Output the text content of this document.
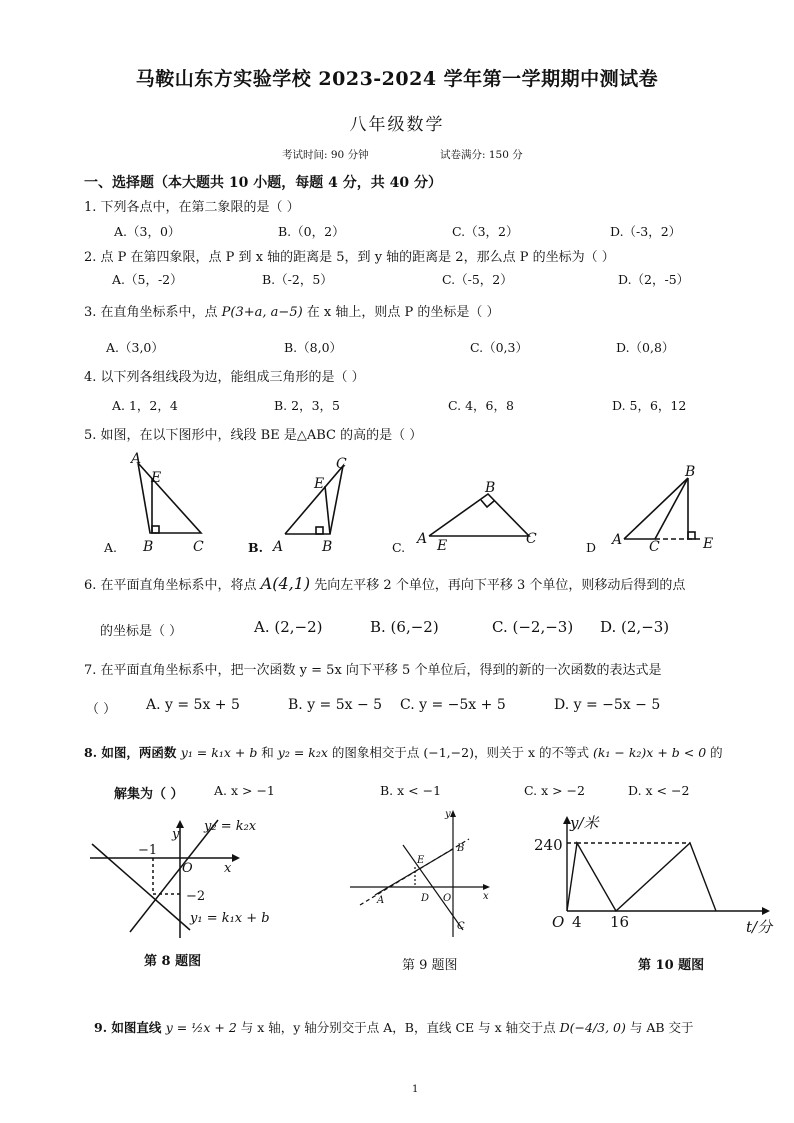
马鞍山东方实验学校 2023-2024 学年第一学期期中测试卷
八年级数学
考试时间: 90 分钟	试卷满分: 150 分
一、选择题（本大题共 10 小题，每题 4 分，共 40 分）
1. 下列各点中，在第二象限的是（ ）
A.（3，0）	B.（0，2）	C.（3，2）	D.（-3，2）
2. 点 P 在第四象限，点 P 到 x 轴的距离是 5，到 y 轴的距离是 2，那么点 P 的坐标为（ ）
A.（5，-2）	B.（-2，5）	C.（-5，2）	D.（2，-5）
3. 在直角坐标系中，点 P(3+a, a−5) 在 x 轴上，则点 P 的坐标是（ ）
A.（3,0）	B.（8,0）	C.（0,3）	D.（0,8）
4. 以下列各组线段为边，能组成三角形的是（ ）
A. 1，2，4	B. 2，3，5	C. 4，6，8	D. 5，6，12
5. 如图，在以下图形中，线段 BE 是△ABC 的高的是（ ）
A
E
B	C	A	B
E
C
A E
B
C	A C
B
E
A.	B.	C.	D
6. 在平面直角坐标系中，将点 A(4,1) 先向左平移 2 个单位，再向下平移 3 个单位，则移动后得到的点
的坐标是（ ）	A. (2,−2)	B. (6,−2)	C. (−2,−3) D. (2,−3)
7. 在平面直角坐标系中，把一次函数 y = 5x 向下平移 5 个单位后，得到的新的一次函数的表达式是
（ ） A. y = 5x + 5	B. y = 5x − 5 C. y = −5x + 5	D. y = −5x − 5
8. 如图，两函数 y₁ = k₁x + b 和 y₂ = k₂x 的图象相交于点 (−1,−2)，则关于 x 的不等式 (k₁ − k₂)x + b < 0 的
解集为（ ） A. x > −1	B. x < −1	C. x > −2	D. x < −2
y
x
O
−1
−2
y₂ = k₂x
y₁ = k₁x + b
第 8 题图
y
x
B
E
A	D O
C
第 9 题图
y/米
t/分
O
240
4 16
第 10 题图
9. 如图直线 y = ½x + 2 与 x 轴，y 轴分别交于点 A，B，直线 CE 与 x 轴交于点 D(−4/3, 0) 与 AB 交于
1
